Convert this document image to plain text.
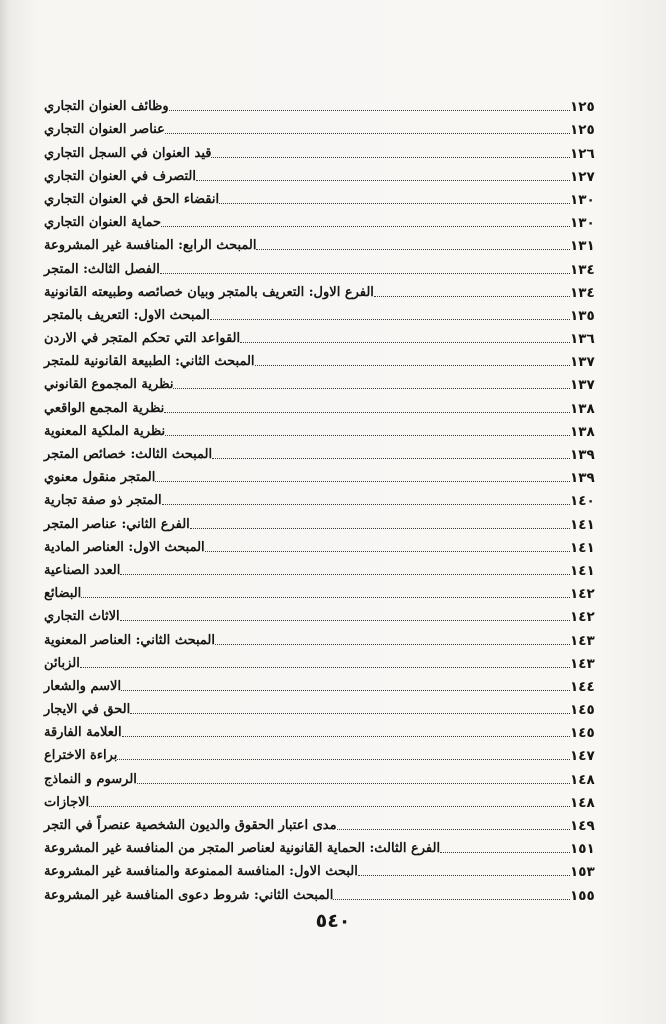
وظائف العنوان التجاري	١٢٥
عناصر العنوان التجاري	١٢٥
قيد العنوان في السجل التجاري	١٢٦
التصرف في العنوان التجاري	١٢٧
انقضاء الحق في العنوان التجاري	١٣٠
حماية العنوان التجاري	١٣٠
المبحث الرابع: المنافسة غير المشروعة	١٣١
الفصل الثالث: المتجر	١٣٤
الفرع الاول: التعريف بالمتجر وبيان خصائصه وطبيعته القانونية	١٣٤
المبحث الاول: التعريف بالمتجر	١٣٥
القواعد التي تحكم المتجر في الاردن	١٣٦
المبحث الثاني: الطبيعة القانونية للمتجر	١٣٧
نظرية المجموع القانوني	١٣٧
نظرية المجمع الواقعي	١٣٨
نظرية الملكية المعنوية	١٣٨
المبحث الثالث: خصائص المتجر	١٣٩
المتجر منقول معنوي	١٣٩
المتجر ذو صفة تجارية	١٤٠
الفرع الثاني: عناصر المتجر	١٤١
المبحث الاول: العناصر المادية	١٤١
العدد الصناعية	١٤١
البضائع	١٤٢
الاثاث التجاري	١٤٢
المبحث الثاني: العناصر المعنوية	١٤٣
الزبائن	١٤٣
الاسم والشعار	١٤٤
الحق في الايجار	١٤٥
العلامة الفارقة	١٤٥
براءة الاختراع	١٤٧
الرسوم و النماذج	١٤٨
الاجازات	١٤٨
مدى اعتبار الحقوق والديون الشخصية عنصراً في التجر	١٤٩
الفرع الثالث: الحماية القانونية لعناصر المتجر من المنافسة غير المشروعة	١٥١
البحث الاول: المنافسة الممنوعة والمنافسة غير المشروعة	١٥٣
المبحث الثاني: شروط دعوى المنافسة غير المشروعة	١٥٥
٥٤٠
